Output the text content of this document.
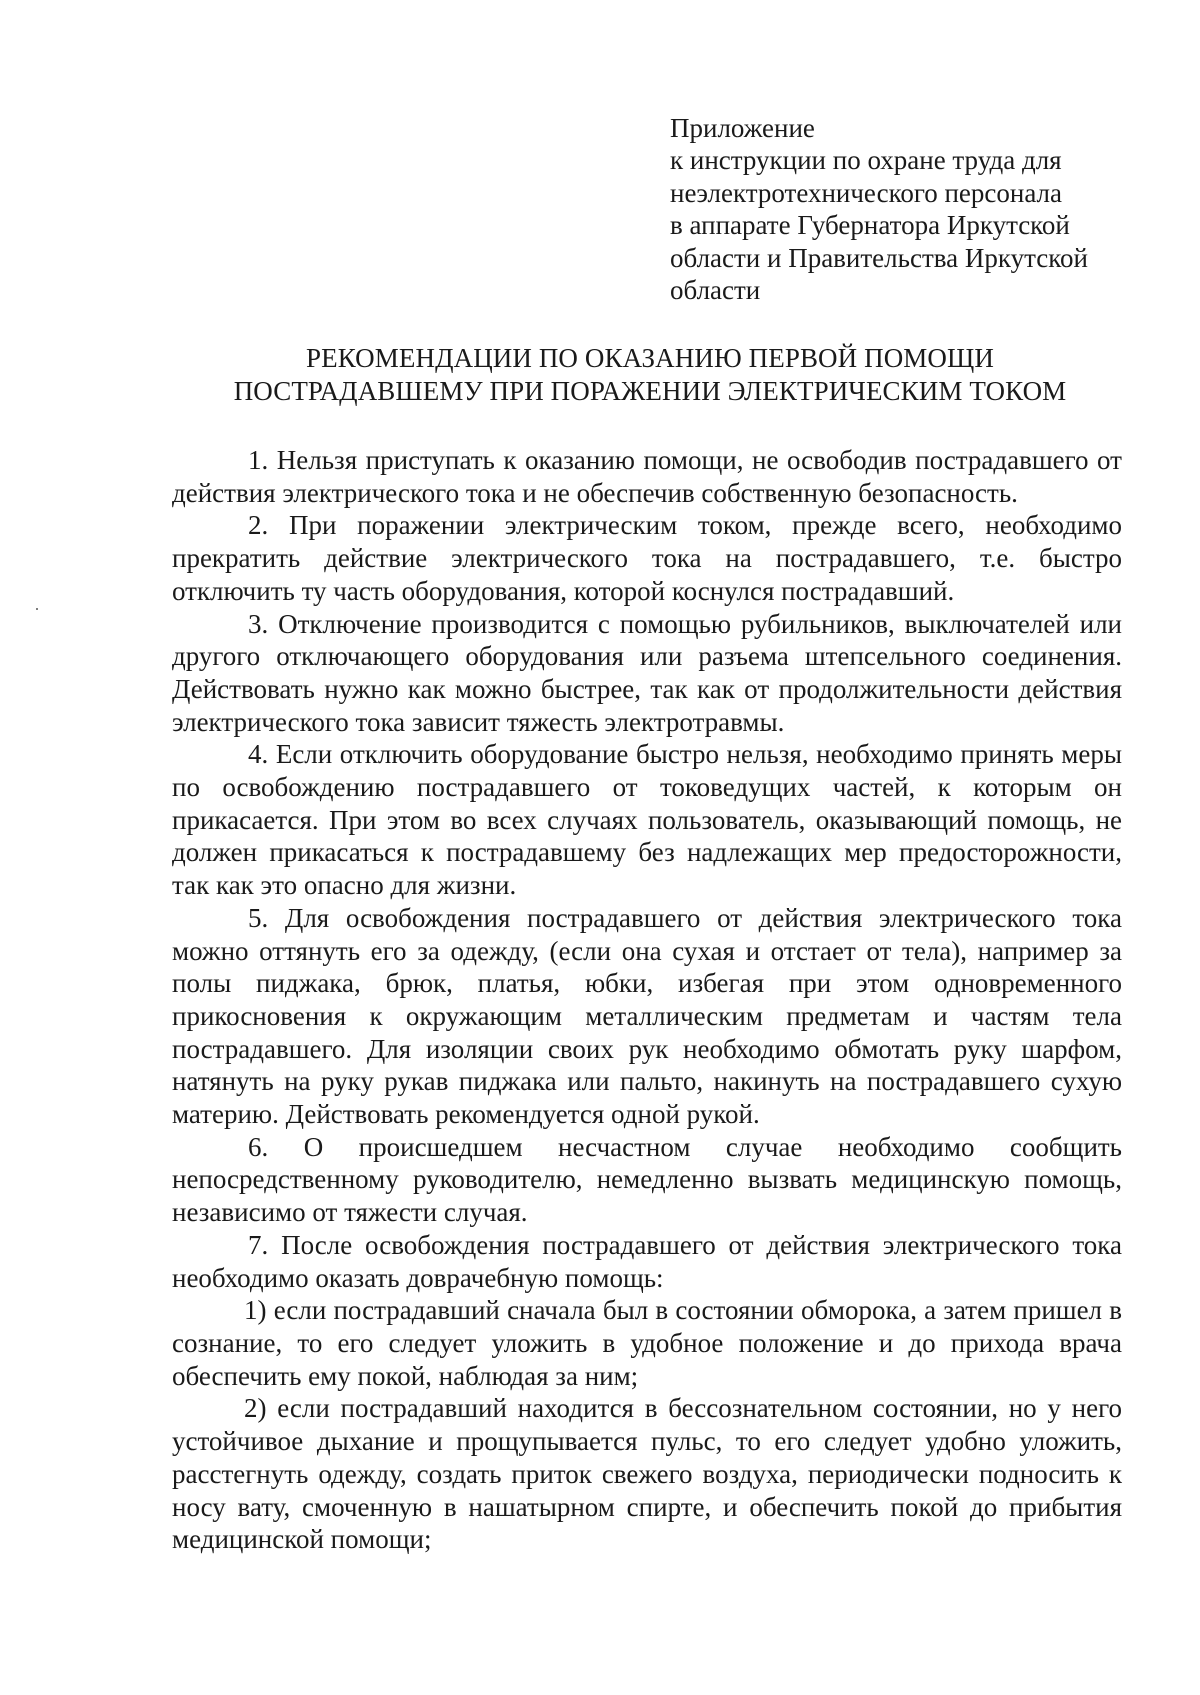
Приложение
к инструкции по охране труда для
неэлектротехнического персонала
в аппарате Губернатора Иркутской
области и Правительства Иркутской
области
РЕКОМЕНДАЦИИ ПО ОКАЗАНИЮ ПЕРВОЙ ПОМОЩИ
ПОСТРАДАВШЕМУ ПРИ ПОРАЖЕНИИ ЭЛЕКТРИЧЕСКИМ ТОКОМ

1. Нельзя приступать к оказанию помощи, не освободив пострадавшего от действия электрического тока и не обеспечив собственную безопасность.

2. При поражении электрическим током, прежде всего, необходимо прекратить действие электрического тока на пострадавшего, т.е. быстро отключить ту часть оборудования, которой коснулся пострадавший.

3. Отключение производится с помощью рубильников, выключателей или другого отключающего оборудования или разъема штепсельного соединения. Действовать нужно как можно быстрее, так как от продолжительности действия электрического тока зависит тяжесть электротравмы.

4. Если отключить оборудование быстро нельзя, необходимо принять меры по освобождению пострадавшего от токоведущих частей, к которым он прикасается. При этом во всех случаях пользователь, оказывающий помощь, не должен прикасаться к пострадавшему без надлежащих мер предосторожности, так как это опасно для жизни.

5. Для освобождения пострадавшего от действия электрического тока можно оттянуть его за одежду, (если она сухая и отстает от тела), например за полы пиджака, брюк, платья, юбки, избегая при этом одновременного прикосновения к окружающим металлическим предметам и частям тела пострадавшего. Для изоляции своих рук необходимо обмотать руку шарфом, натянуть на руку рукав пиджака или пальто, накинуть на пострадавшего сухую материю. Действовать рекомендуется одной рукой.

6. О происшедшем несчастном случае необходимо сообщить непосредственному руководителю, немедленно вызвать медицинскую помощь, независимо от тяжести случая.

7. После освобождения пострадавшего от действия электрического тока необходимо оказать доврачебную помощь:

1) если пострадавший сначала был в состоянии обморока, а затем пришел в сознание, то его следует уложить в удобное положение и до прихода врача обеспечить ему покой, наблюдая за ним;

2) если пострадавший находится в бессознательном состоянии, но у него устойчивое дыхание и прощупывается пульс, то его следует удобно уложить, расстегнуть одежду, создать приток свежего воздуха, периодически подносить к носу вату, смоченную в нашатырном спирте, и обеспечить покой до прибытия медицинской помощи;
